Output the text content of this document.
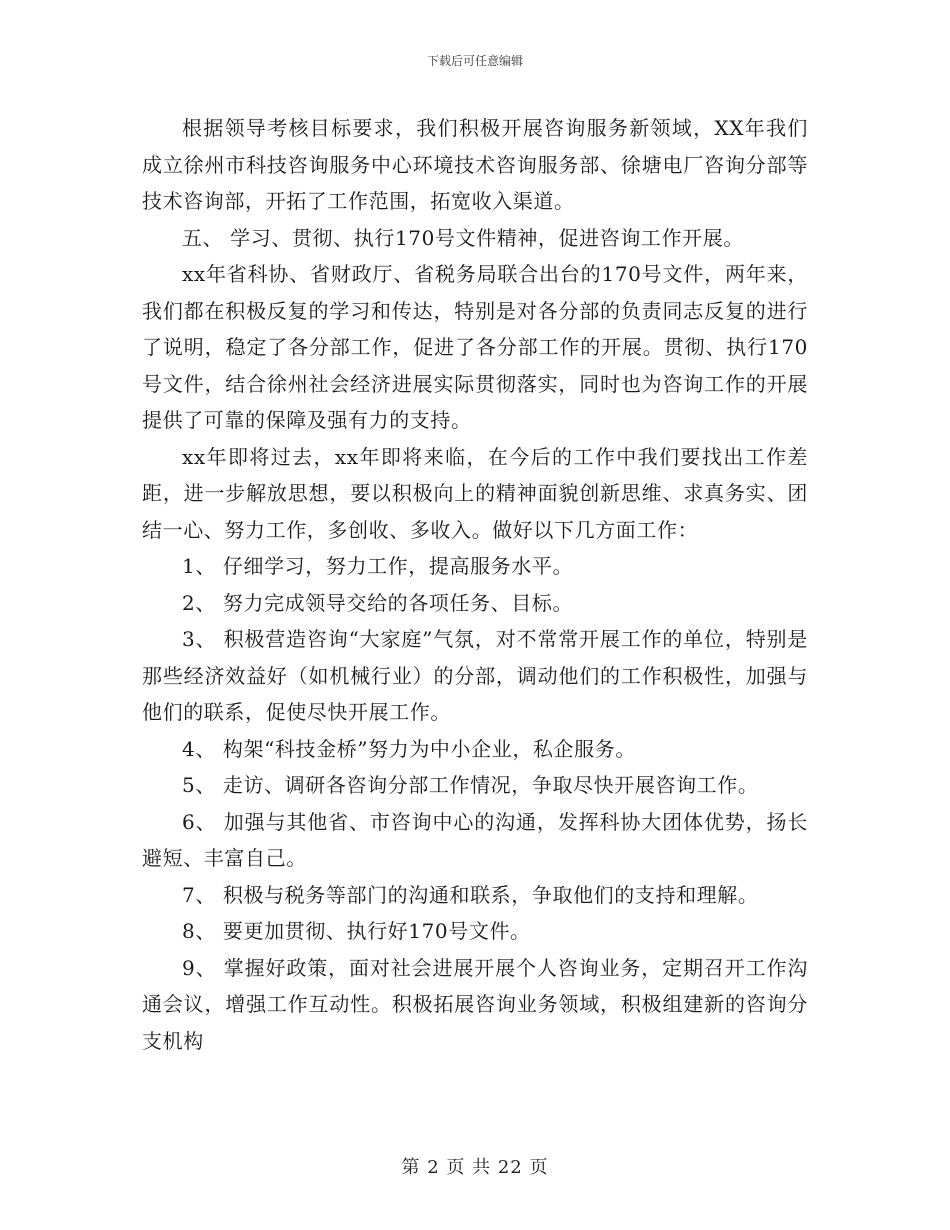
下载后可任意编辑

根据领导考核目标要求，我们积极开展咨询服务新领域，XX年我们成立徐州市科技咨询服务中心环境技术咨询服务部、徐塘电厂咨询分部等技术咨询部，开拓了工作范围，拓宽收入渠道。

五、 学习、贯彻、执行170号文件精神，促进咨询工作开展。

xx年省科协、省财政厅、省税务局联合出台的170号文件，两年来，我们都在积极反复的学习和传达，特别是对各分部的负责同志反复的进行了说明，稳定了各分部工作，促进了各分部工作的开展。贯彻、执行170号文件，结合徐州社会经济进展实际贯彻落实，同时也为咨询工作的开展提供了可靠的保障及强有力的支持。

xx年即将过去，xx年即将来临，在今后的工作中我们要找出工作差距，进一步解放思想，要以积极向上的精神面貌创新思维、求真务实、团结一心、努力工作，多创收、多收入。做好以下几方面工作：

1、 仔细学习，努力工作，提高服务水平。

2、 努力完成领导交给的各项任务、目标。

3、 积极营造咨询“大家庭”气氛，对不常常开展工作的单位，特别是那些经济效益好（如机械行业）的分部，调动他们的工作积极性，加强与他们的联系，促使尽快开展工作。

4、 构架“科技金桥”努力为中小企业，私企服务。

5、 走访、调研各咨询分部工作情况，争取尽快开展咨询工作。

6、 加强与其他省、市咨询中心的沟通，发挥科协大团体优势，扬长避短、丰富自己。

7、 积极与税务等部门的沟通和联系，争取他们的支持和理解。

8、 要更加贯彻、执行好170号文件。

9、 掌握好政策，面对社会进展开展个人咨询业务，定期召开工作沟通会议，增强工作互动性。积极拓展咨询业务领域，积极组建新的咨询分支机构

第 2 页 共 22 页
